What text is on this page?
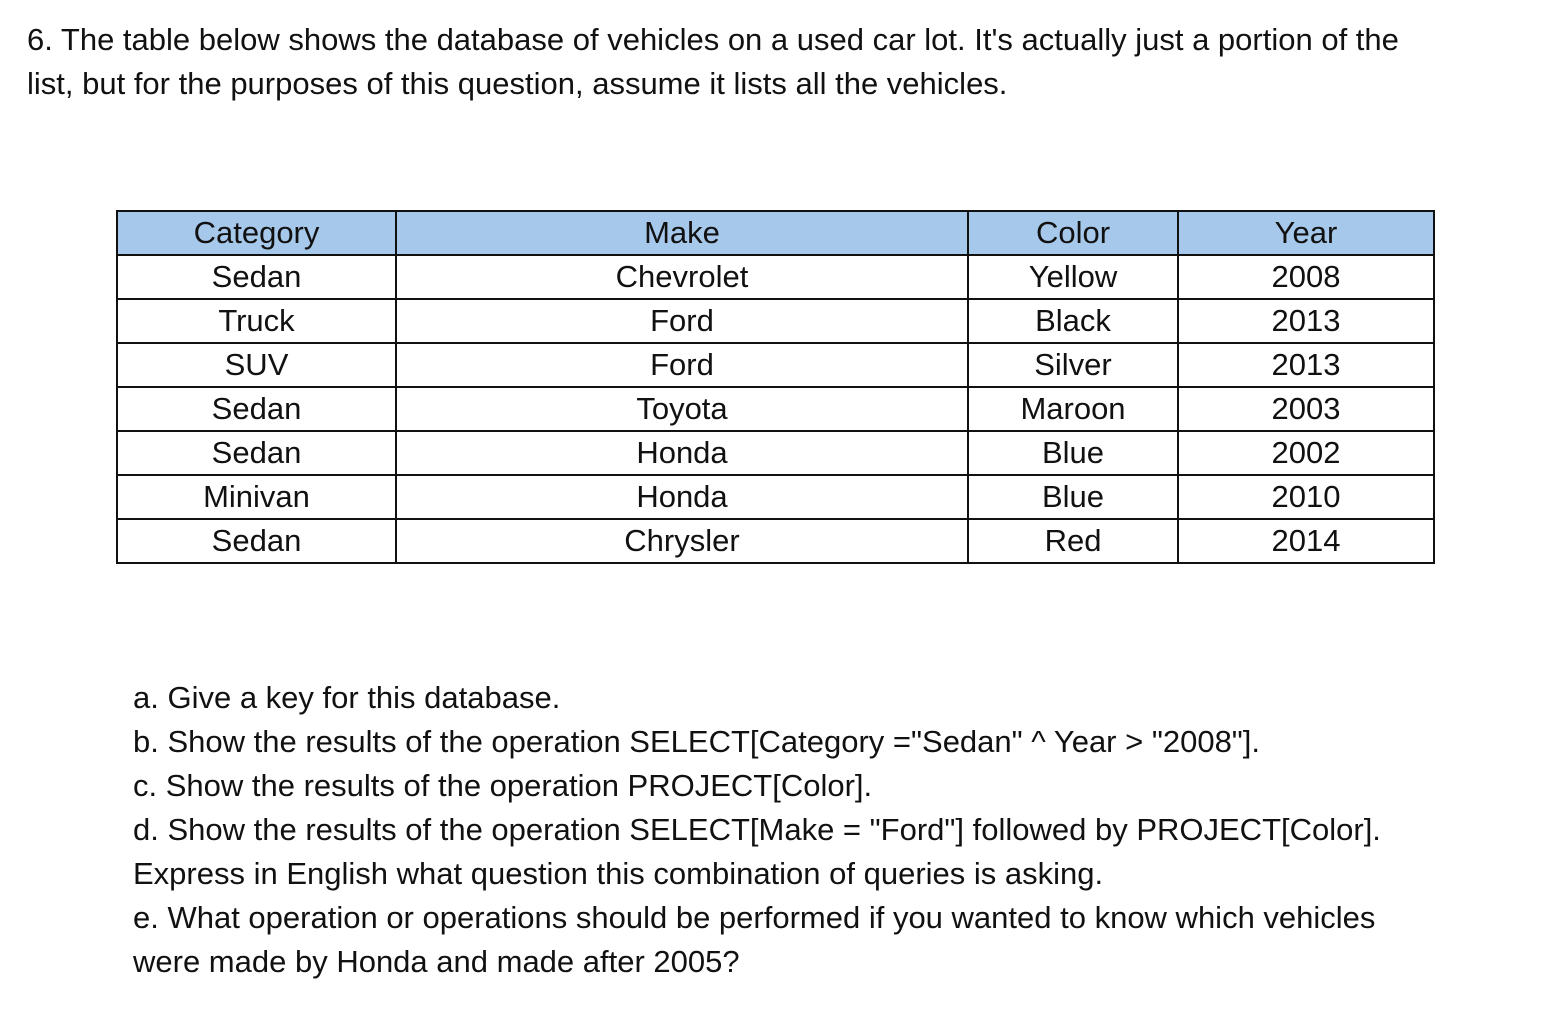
6. The table below shows the database of vehicles on a used car lot. It's actually just a portion of the
list, but for the purposes of this question, assume it lists all the vehicles.

Category	Make	Color	Year
Sedan	Chevrolet	Yellow	2008
Truck	Ford	Black	2013
SUV	Ford	Silver	2013
Sedan	Toyota	Maroon	2003
Sedan	Honda	Blue	2002
Minivan	Honda	Blue	2010
Sedan	Chrysler	Red	2014
a. Give a key for this database.
b. Show the results of the operation SELECT[Category ="Sedan" ^ Year > "2008"].
c. Show the results of the operation PROJECT[Color].
d. Show the results of the operation SELECT[Make = "Ford"] followed by PROJECT[Color].
Express in English what question this combination of queries is asking.
e. What operation or operations should be performed if you wanted to know which vehicles
were made by Honda and made after 2005?
